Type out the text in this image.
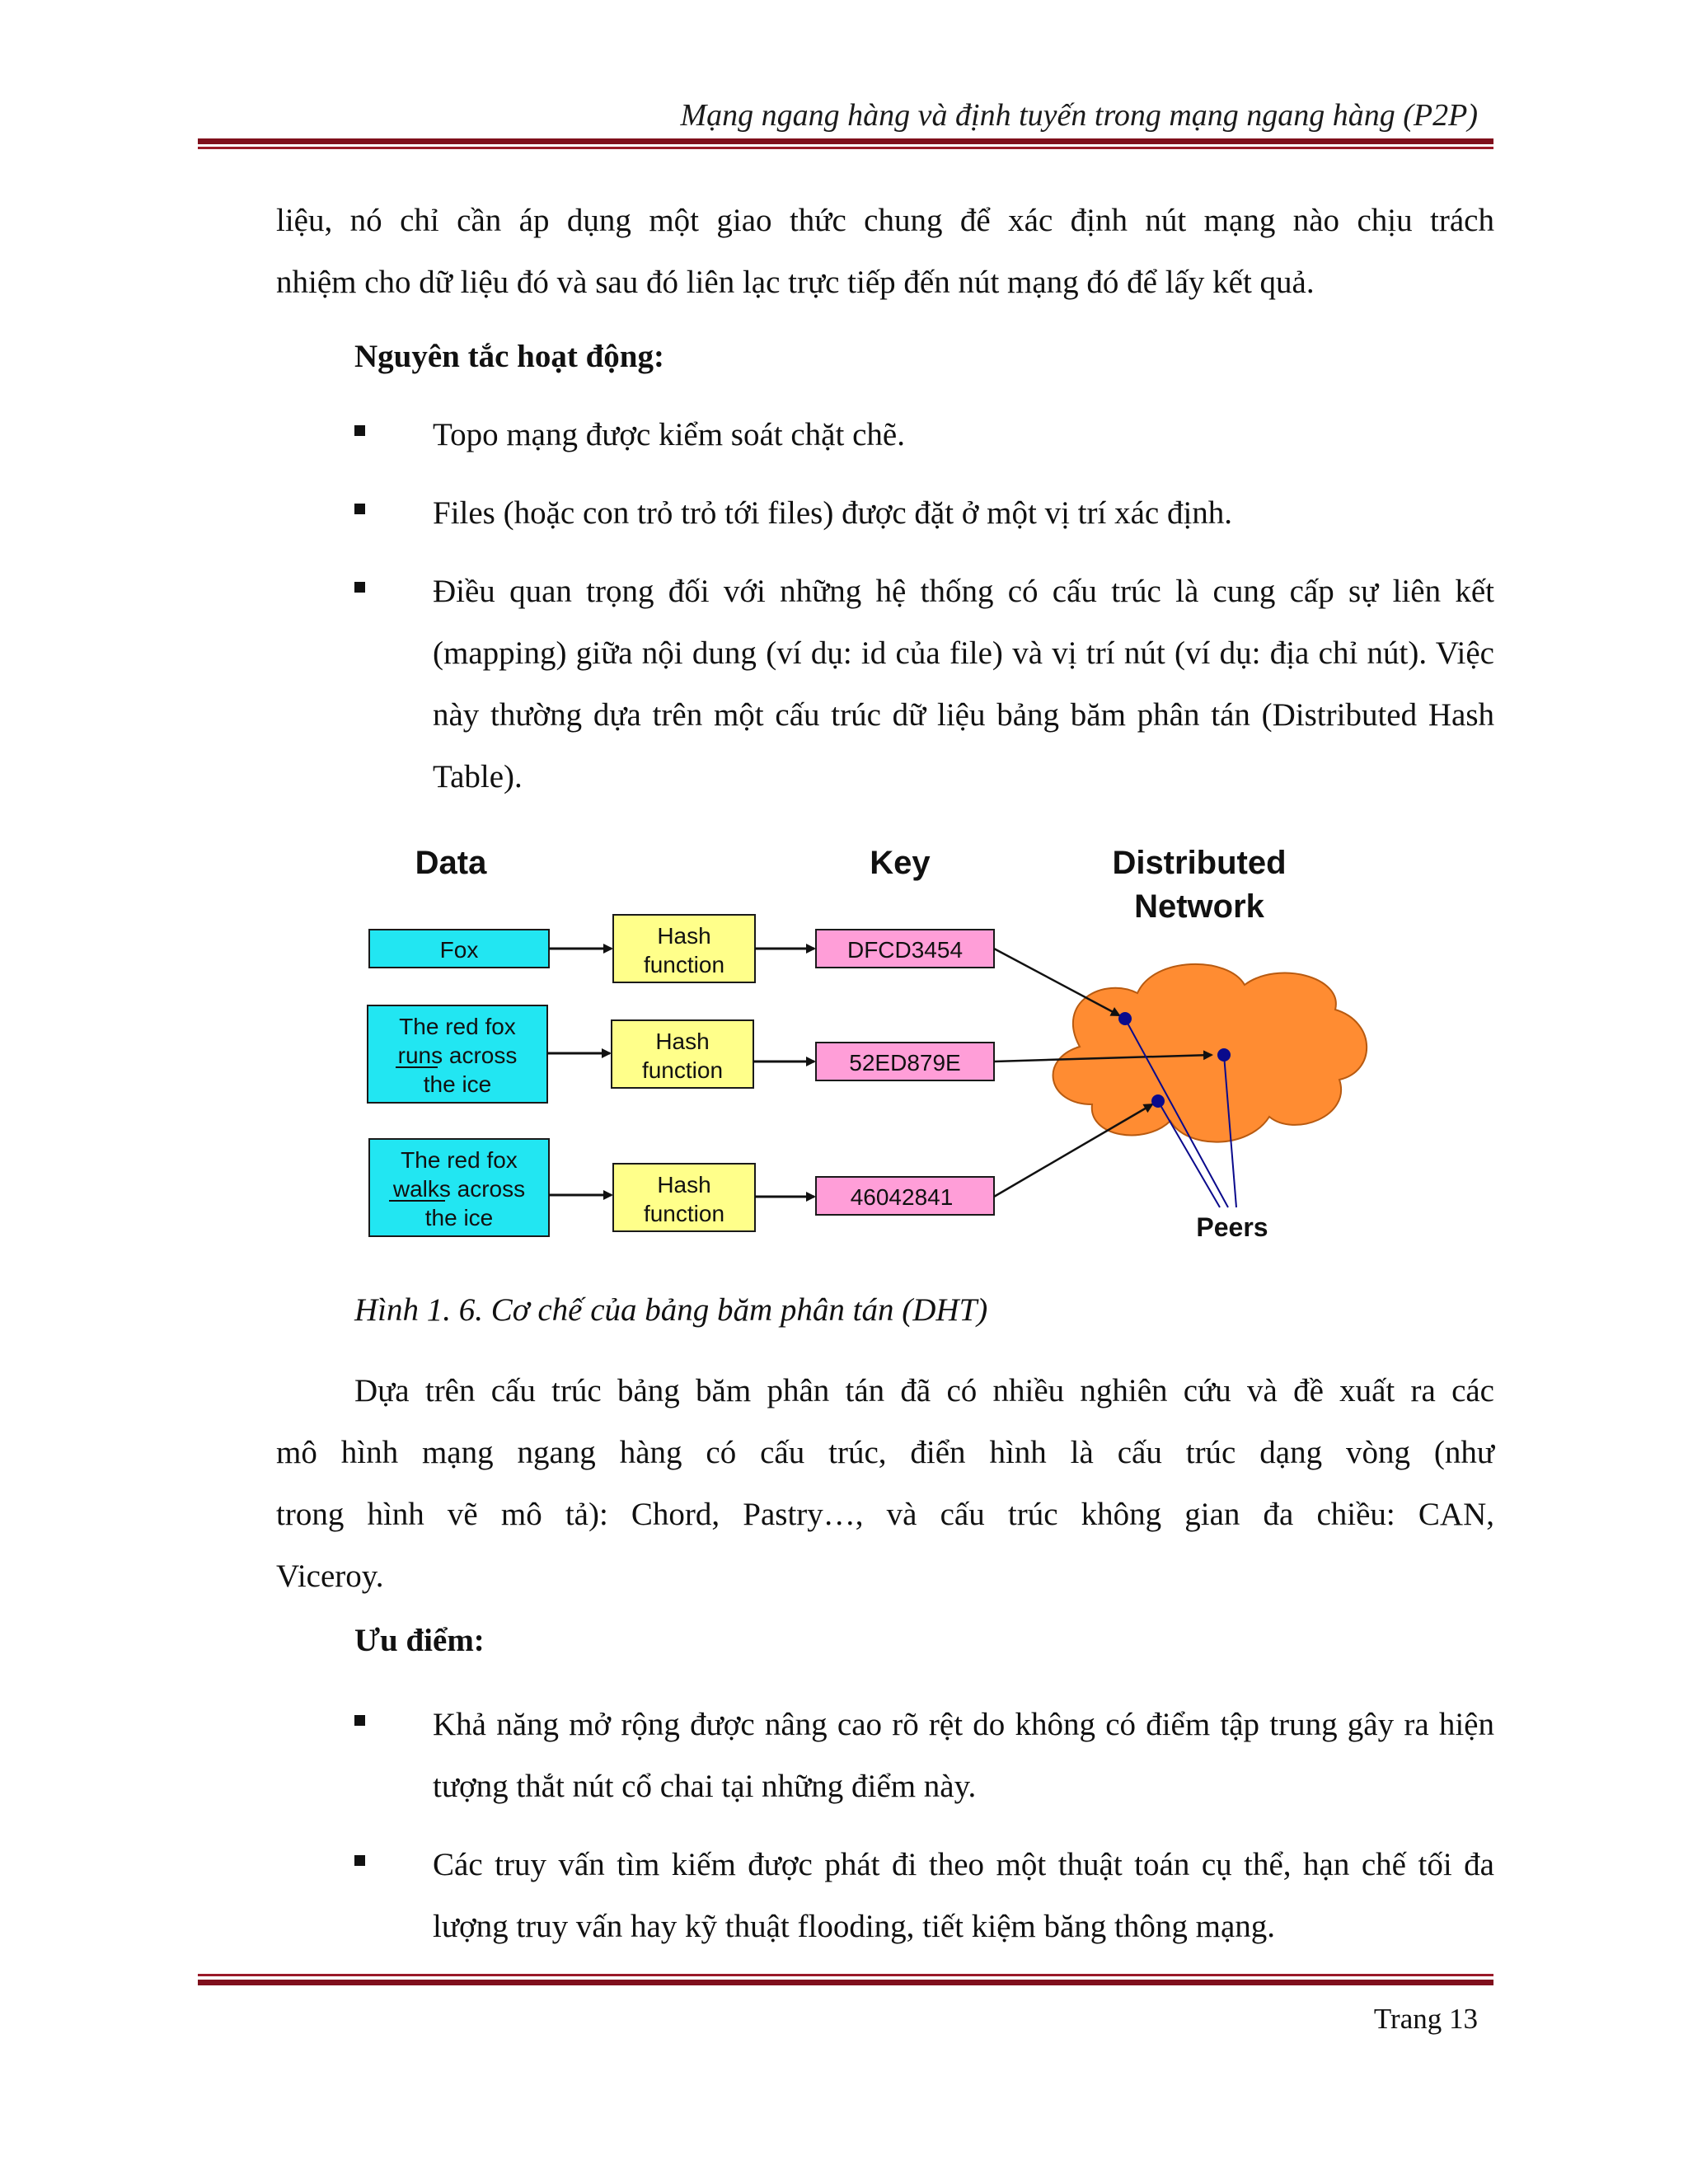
Mạng ngang hàng và định tuyến trong mạng ngang hàng (P2P)
liệu, nó chỉ cần áp dụng một giao thức chung để xác định nút mạng nào chịu trách
nhiệm cho dữ liệu đó và sau đó liên lạc trực tiếp đến nút mạng đó để lấy kết quả.
Nguyên tắc hoạt động:
Topo mạng được kiểm soát chặt chẽ.
Files (hoặc con trỏ trỏ tới files) được đặt ở một vị trí xác định.
Điều quan trọng đối với những hệ thống có cấu trúc là cung cấp sự liên kết (mapping) giữa nội dung (ví dụ: id của file) và vị trí nút (ví dụ: địa chỉ nút). Việc này thường dựa trên một cấu trúc dữ liệu bảng băm phân tán (Distributed Hash Table).
Data	Key	Distributed
Network
Fox
Hash
function
DFCD3454
The red fox
runs across
the ice
Hash
function	52ED879E
The red fox
walks across
the ice
Hash
function
46042841
Peers
Hình 1. 6. Cơ chế của bảng băm phân tán (DHT)
Dựa trên cấu trúc bảng băm phân tán đã có nhiều nghiên cứu và đề xuất ra các
mô hình mạng ngang hàng có cấu trúc, điển hình là cấu trúc dạng vòng (như
trong hình vẽ mô tả): Chord, Pastry…, và cấu trúc không gian đa chiều: CAN,
Viceroy.
Ưu điểm:
Khả năng mở rộng được nâng cao rõ rệt do không có điểm tập trung gây ra hiện tượng thắt nút cổ chai tại những điểm này.
Các truy vấn tìm kiếm được phát đi theo một thuật toán cụ thể, hạn chế tối đa lượng truy vấn hay kỹ thuật flooding, tiết kiệm băng thông mạng.
Trang 13
